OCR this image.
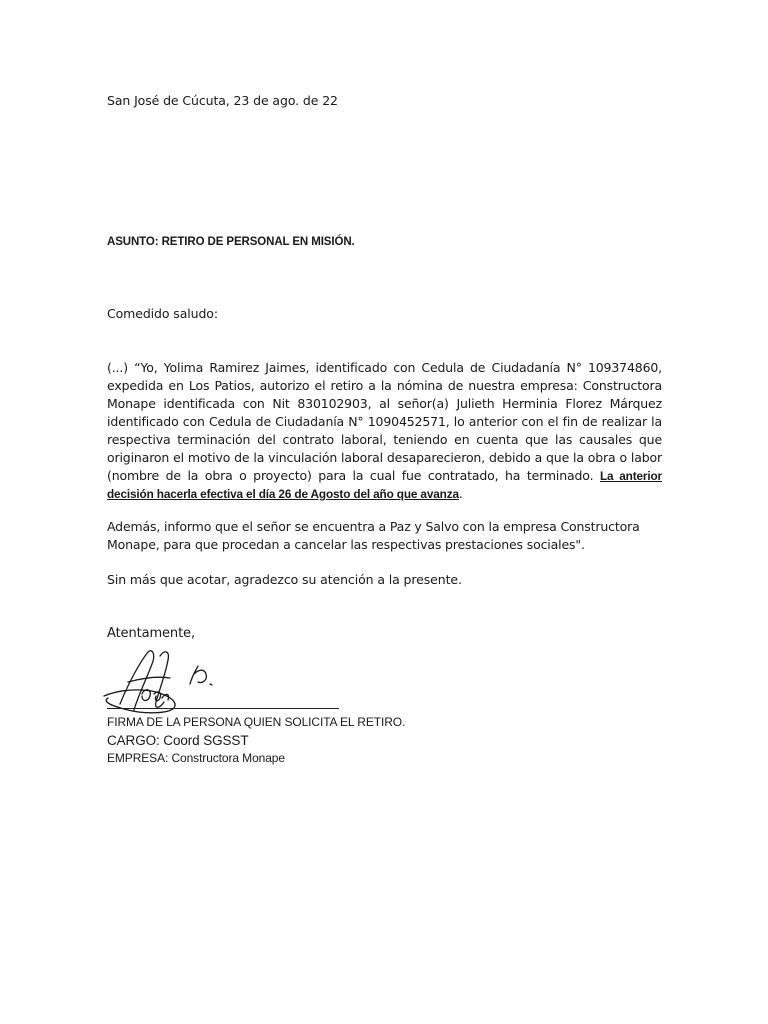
San José de Cúcuta, 23 de ago. de 22
ASUNTO: RETIRO DE PERSONAL EN MISIÓN.
Comedido saludo:
(...) “Yo, Yolima Ramirez Jaimes, identificado con Cedula de Ciudadanía N° 109374860, expedida en Los Patios, autorizo el retiro a la nómina de nuestra empresa: Constructora Monape identificada con Nit 830102903, al señor(a) Julieth Herminia Florez Márquez identificado con Cedula de Ciudadanía N° 1090452571, lo anterior con el fin de realizar la respectiva terminación del contrato laboral, teniendo en cuenta que las causales que originaron el motivo de la vinculación laboral desaparecieron, debido a que la obra o labor (nombre de la obra o proyecto) para la cual fue contratado, ha terminado. La anterior decisión hacerla efectiva el día 26 de Agosto del año que avanza.
Además, informo que el señor se encuentra a Paz y Salvo con la empresa Constructora Monape, para que procedan a cancelar las respectivas prestaciones sociales".
Sin más que acotar, agradezco su atención a la presente.
Atentamente,
FIRMA DE LA PERSONA QUIEN SOLICITA EL RETIRO.
CARGO: Coord SGSST
EMPRESA: Constructora Monape
